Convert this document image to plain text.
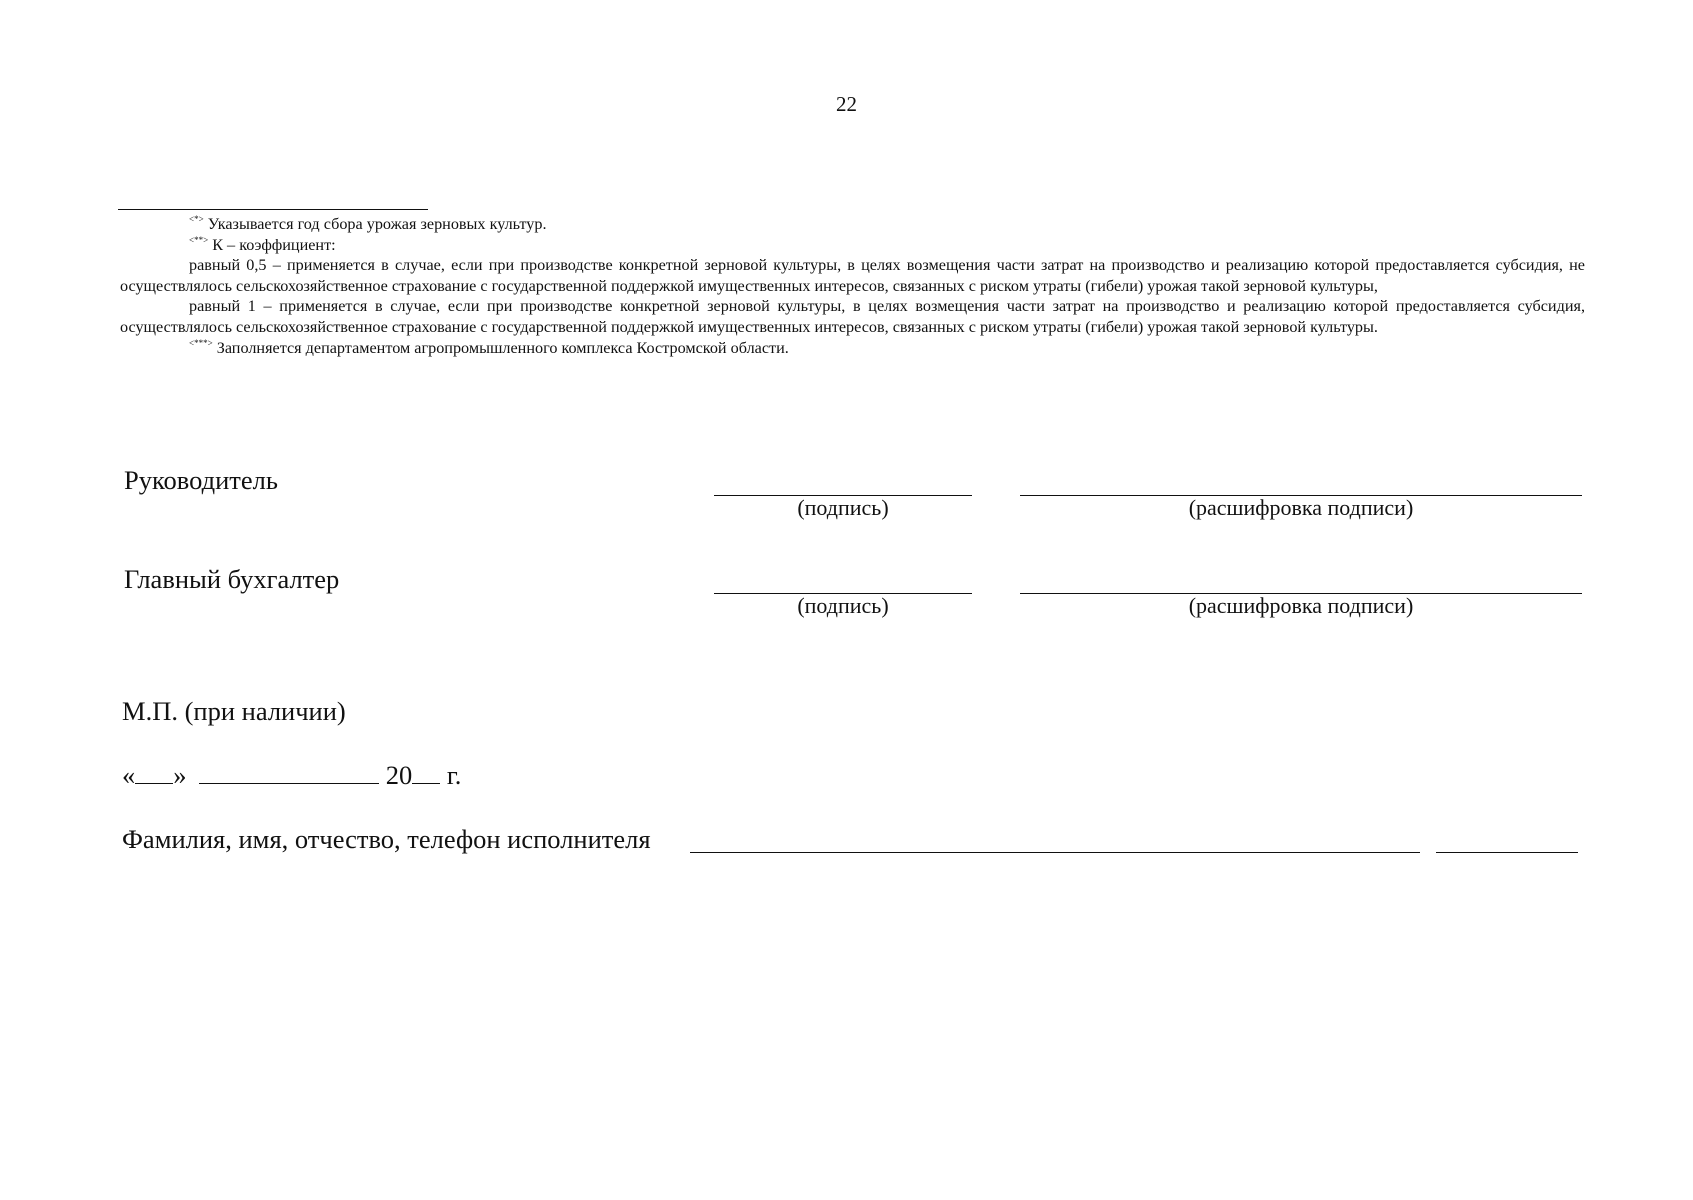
22

<*> Указывается год сбора урожая зерновых культур.

<**> К – коэффициент:

равный 0,5 – применяется в случае, если при производстве конкретной зерновой культуры, в целях возмещения части затрат на производство и реализацию которой предоставляется субсидия, не осуществлялось сельскохозяйственное страхование с государственной поддержкой имущественных интересов, связанных с риском утраты (гибели) урожая такой зерновой культуры,

равный 1 – применяется в случае, если при производстве конкретной зерновой культуры, в целях возмещения части затрат на производство и реализацию которой предоставляется субсидия, осуществлялось сельскохозяйственное страхование с государственной поддержкой имущественных интересов, связанных с риском утраты (гибели) урожая такой зерновой культуры.

<***> Заполняется департаментом агропромышленного комплекса Костромской области.

Руководитель
(подпись)	(расшифровка подписи)
Главный бухгалтер
(подпись)	(расшифровка подписи)
М.П. (при наличии)
« »	20 г.
Фамилия, имя, отчество, телефон исполнителя
